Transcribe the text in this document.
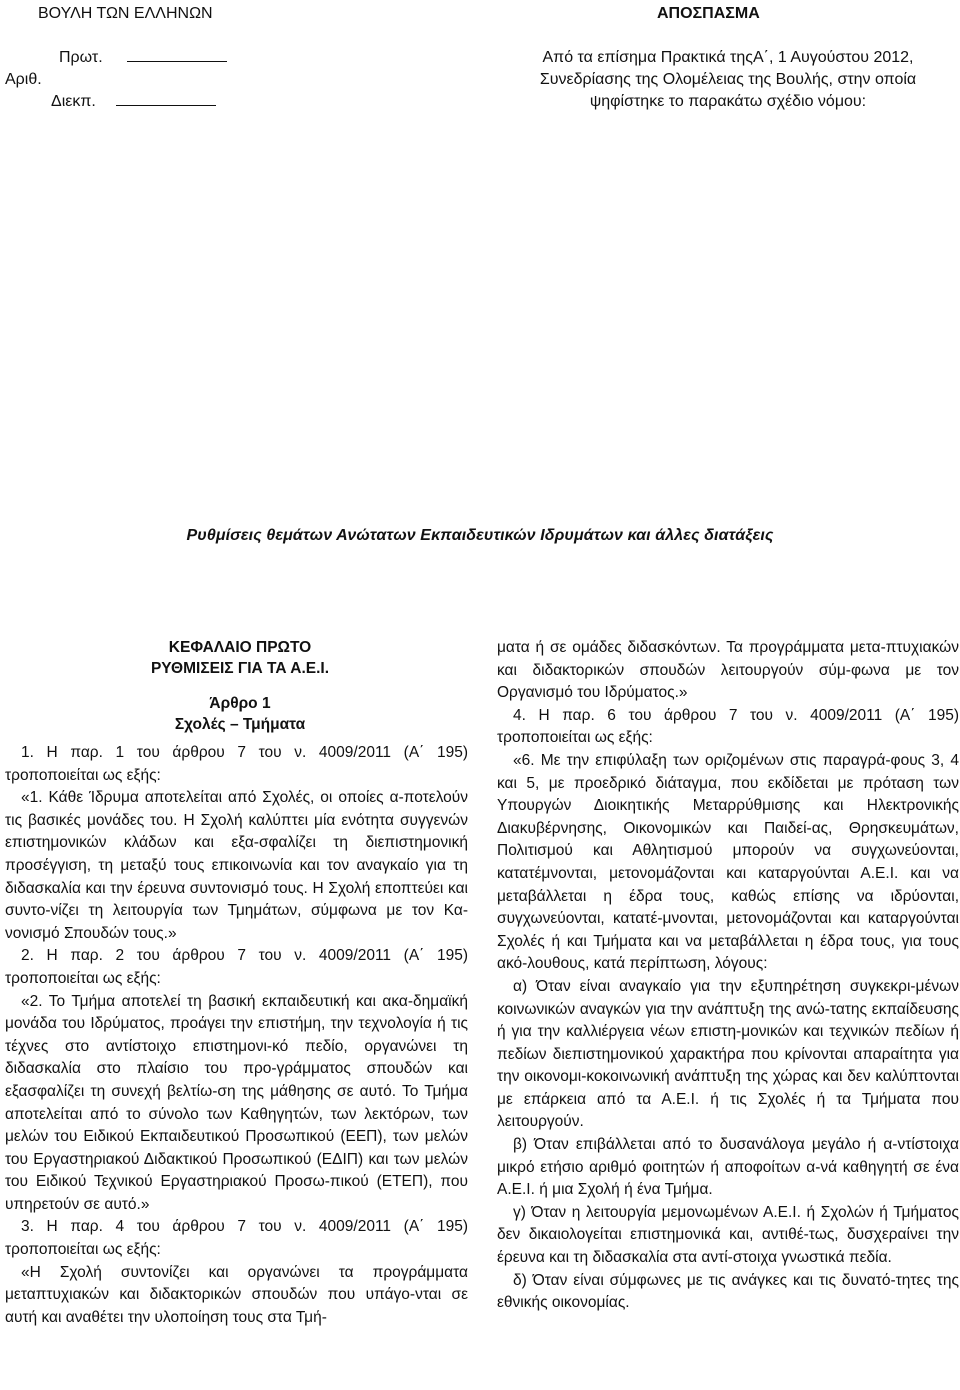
ΒΟΥΛΗ ΤΩΝ ΕΛΛΗΝΩΝ	ΑΠΟΣΠΑΣΜΑ
Πρωτ.
Αριθ.
Διεκπ.
Από τα επίσημα Πρακτικά τηςΑ΄, 1 Αυγούστου 2012,
Συνεδρίασης της Ολομέλειας της Βουλής, στην οποία
ψηφίστηκε το παρακάτω σχέδιο νόμου:
Ρυθμίσεις θεμάτων Ανώτατων Εκπαιδευτικών Ιδρυμάτων και άλλες διατάξεις
ΚΕΦΑΛΑΙΟ ΠΡΩΤΟ
ΡΥΘΜΙΣΕΙΣ ΓΙΑ ΤΑ Α.Ε.Ι.
Άρθρο 1
Σχολές – Τμήματα

1. Η παρ. 1 του άρθρου 7 του ν. 4009/2011 (Α΄ 195) τροποποιείται ως εξής:

«1. Κάθε Ίδρυμα αποτελείται από Σχολές, οι οποίες α-ποτελούν τις βασικές μονάδες του. Η Σχολή καλύπτει μία ενότητα συγγενών επιστημονικών κλάδων και εξα-σφαλίζει τη διεπιστημονική προσέγγιση, τη μεταξύ τους επικοινωνία και τον αναγκαίο για τη διδασκαλία και την έρευνα συντονισμό τους. Η Σχολή εποπτεύει και συντο-νίζει τη λειτουργία των Τμημάτων, σύμφωνα με τον Κα-νονισμό Σπουδών τους.»

2. Η παρ. 2 του άρθρου 7 του ν. 4009/2011 (Α΄ 195) τροποποιείται ως εξής:

«2. Το Τμήμα αποτελεί τη βασική εκπαιδευτική και ακα-δημαϊκή μονάδα του Ιδρύματος, προάγει την επιστήμη, την τεχνολογία ή τις τέχνες στο αντίστοιχο επιστημονι-κό πεδίο, οργανώνει τη διδασκαλία στο πλαίσιο του προ-γράμματος σπουδών και εξασφαλίζει τη συνεχή βελτίω-ση της μάθησης σε αυτό. Το Τμήμα αποτελείται από το σύνολο των Καθηγητών, των λεκτόρων, των μελών του Ειδικού Εκπαιδευτικού Προσωπικού (ΕΕΠ), των μελών του Εργαστηριακού Διδακτικού Προσωπικού (ΕΔΙΠ) και των μελών του Ειδικού Τεχνικού Εργαστηριακού Προσω-πικού (ΕΤΕΠ), που υπηρετούν σε αυτό.»

3. Η παρ. 4 του άρθρου 7 του ν. 4009/2011 (Α΄ 195) τροποποιείται ως εξής:

«Η Σχολή συντονίζει και οργανώνει τα προγράμματα μεταπτυχιακών και διδακτορικών σπουδών που υπάγο-νται σε αυτή και αναθέτει την υλοποίηση τους στα Τμή-

ματα ή σε ομάδες διδασκόντων. Τα προγράμματα μετα-πτυχιακών και διδακτορικών σπουδών λειτουργούν σύμ-φωνα με τον Οργανισμό του Ιδρύματος.»

4. Η παρ. 6 του άρθρου 7 του ν. 4009/2011 (Α΄ 195) τροποποιείται ως εξής:

«6. Με την επιφύλαξη των οριζομένων στις παραγρά-φους 3, 4 και 5, με προεδρικό διάταγμα, που εκδίδεται με πρόταση των Υπουργών Διοικητικής Μεταρρύθμισης και Ηλεκτρονικής Διακυβέρνησης, Οικονομικών και Παιδεί-ας, Θρησκευμάτων, Πολιτισμού και Αθλητισμού μπορούν να συγχωνεύονται, κατατέμνονται, μετονομάζονται και καταργούνται Α.Ε.Ι. και να μεταβάλλεται η έδρα τους, καθώς επίσης να ιδρύονται, συγχωνεύονται, κατατέ-μνονται, μετονομάζονται και καταργούνται Σχολές ή και Τμήματα και να μεταβάλλεται η έδρα τους, για τους ακό-λουθους, κατά περίπτωση, λόγους:

α) Όταν είναι αναγκαίο για την εξυπηρέτηση συγκεκρι-μένων κοινωνικών αναγκών για την ανάπτυξη της ανώ-τατης εκπαίδευσης ή για την καλλιέργεια νέων επιστη-μονικών και τεχνικών πεδίων ή πεδίων διεπιστημονικού χαρακτήρα που κρίνονται απαραίτητα για την οικονομι-κοκοινωνική ανάπτυξη της χώρας και δεν καλύπτονται με επάρκεια από τα Α.Ε.Ι. ή τις Σχολές ή τα Τμήματα που λειτουργούν.

β) Όταν επιβάλλεται από το δυσανάλογα μεγάλο ή α-ντίστοιχα μικρό ετήσιο αριθμό φοιτητών ή αποφοίτων α-νά καθηγητή σε ένα Α.Ε.Ι. ή μια Σχολή ή ένα Τμήμα.

γ) Όταν η λειτουργία μεμονωμένων Α.Ε.Ι. ή Σχολών ή Τμήματος δεν δικαιολογείται επιστημονικά και, αντιθέ-τως, δυσχεραίνει την έρευνα και τη διδασκαλία στα αντί-στοιχα γνωστικά πεδία.

δ) Όταν είναι σύμφωνες με τις ανάγκες και τις δυνατό-τητες της εθνικής οικονομίας.
